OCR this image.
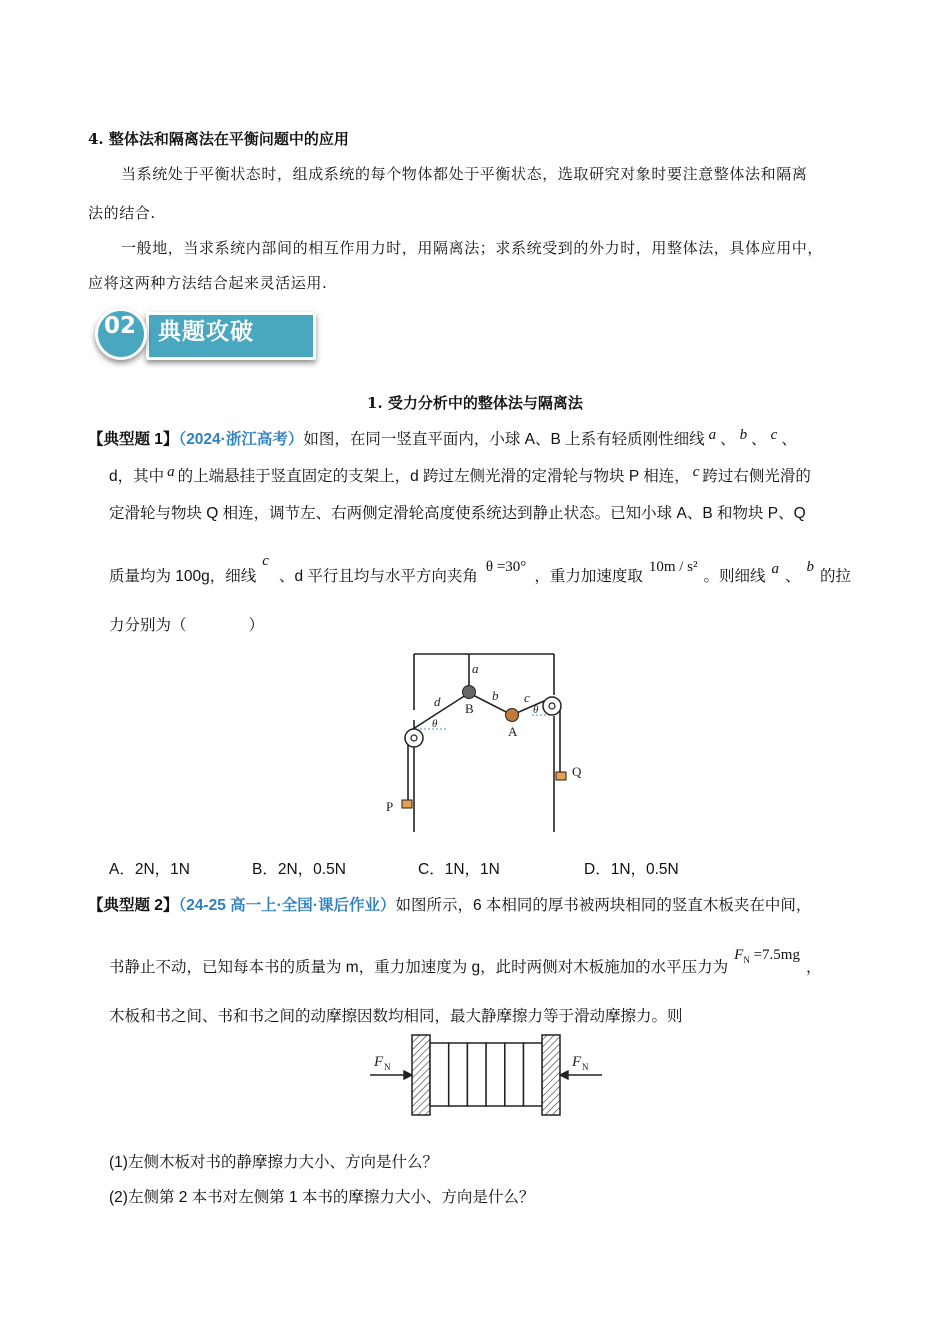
4. 整体法和隔离法在平衡问题中的应用
当系统处于平衡状态时，组成系统的每个物体都处于平衡状态，选取研究对象时要注意整体法和隔离
法的结合.
一般地，当求系统内部间的相互作用力时，用隔离法；求系统受到的外力时，用整体法，具体应用中，
应将这两种方法结合起来灵活运用.
典题攻破
02
1. 受力分析中的整体法与隔离法
【典型题 1】（2024·浙江高考）如图，在同一竖直平面内，小球 A、B 上系有轻质刚性细线 a 、 b 、 c 、
d，其中 a 的上端悬挂于竖直固定的支架上，d 跨过左侧光滑的定滑轮与物块 P 相连， c 跨过右侧光滑的
定滑轮与物块 Q 相连，调节左、右两侧定滑轮高度使系统达到静止状态。已知小球 A、B 和物块 P、Q
质量均为 100g，细线c、d 平行且均与水平方向夹角θ =30°，重力加速度取10m / s²。则细线 a 、b的拉
力分别为（　　　　）
a
d	b c
B
A
θ
θ
P
Q
A．2N，1N	B．2N，0.5N	C．1N，1N	D．1N，0.5N
【典型题 2】（24-25 高一上·全国·课后作业）如图所示，6 本相同的厚书被两块相同的竖直木板夹在中间，
书静止不动，已知每本书的质量为 m，重力加速度为 g，此时两侧对木板施加的水平压力为$F_N =7.5mg$，
木板和书之间、书和书之间的动摩擦因数均相同，最大静摩擦力等于滑动摩擦力。则
F N	F N
(1)左侧木板对书的静摩擦力大小、方向是什么？
(2)左侧第 2 本书对左侧第 1 本书的摩擦力大小、方向是什么？
